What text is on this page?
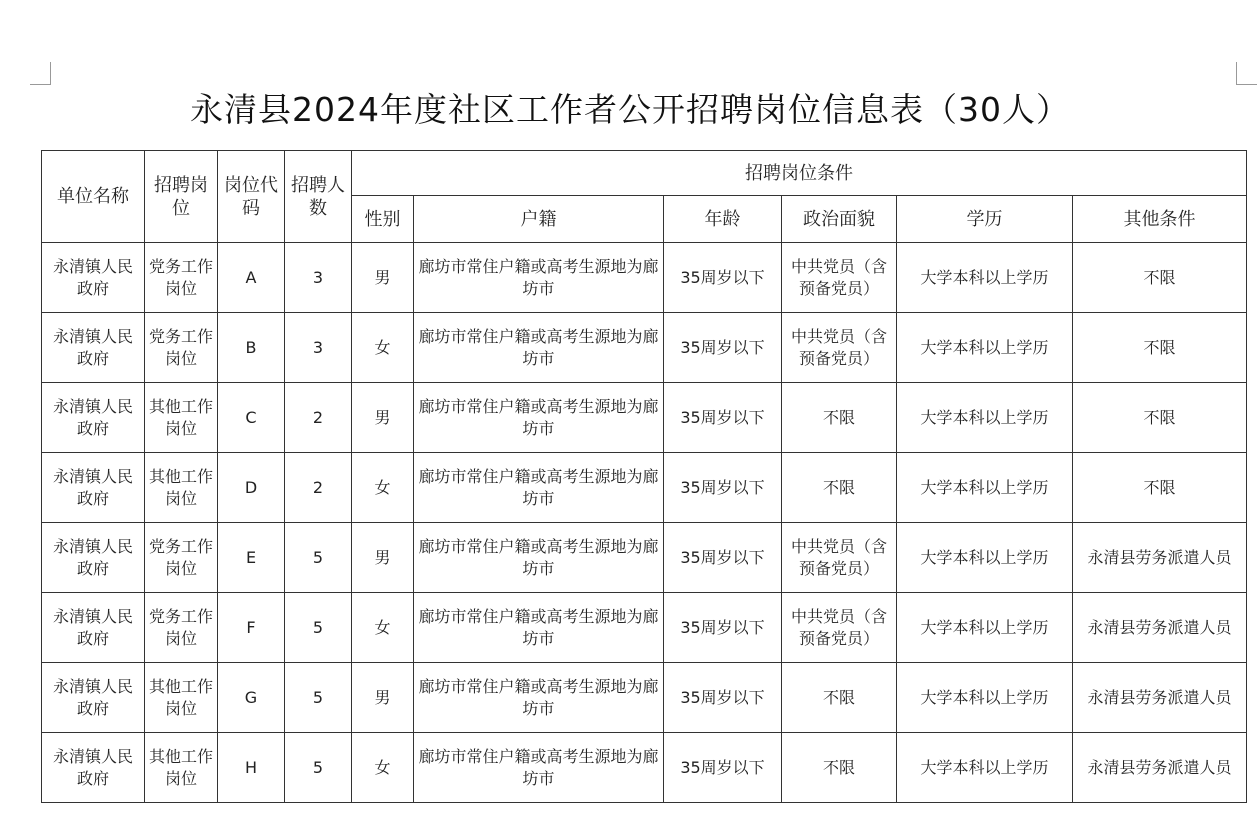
永清县2024年度社区工作者公开招聘岗位信息表（30人）
单位名称	招聘岗位	岗位代码	招聘人数	招聘岗位条件					
				性别	户籍	年龄	政治面貌	学历	其他条件
永清镇人民政府	党务工作岗位	A	3	男	廊坊市常住户籍或高考生源地为廊坊市	35周岁以下	中共党员（含预备党员）	大学本科以上学历	不限
永清镇人民政府	党务工作岗位	B	3	女	廊坊市常住户籍或高考生源地为廊坊市	35周岁以下	中共党员（含预备党员）	大学本科以上学历	不限
永清镇人民政府	其他工作岗位	C	2	男	廊坊市常住户籍或高考生源地为廊坊市	35周岁以下	不限	大学本科以上学历	不限
永清镇人民政府	其他工作岗位	D	2	女	廊坊市常住户籍或高考生源地为廊坊市	35周岁以下	不限	大学本科以上学历	不限
永清镇人民政府	党务工作岗位	E	5	男	廊坊市常住户籍或高考生源地为廊坊市	35周岁以下	中共党员（含预备党员）	大学本科以上学历	永清县劳务派遣人员
永清镇人民政府	党务工作岗位	F	5	女	廊坊市常住户籍或高考生源地为廊坊市	35周岁以下	中共党员（含预备党员）	大学本科以上学历	永清县劳务派遣人员
永清镇人民政府	其他工作岗位	G	5	男	廊坊市常住户籍或高考生源地为廊坊市	35周岁以下	不限	大学本科以上学历	永清县劳务派遣人员
永清镇人民政府	其他工作岗位	H	5	女	廊坊市常住户籍或高考生源地为廊坊市	35周岁以下	不限	大学本科以上学历	永清县劳务派遣人员
